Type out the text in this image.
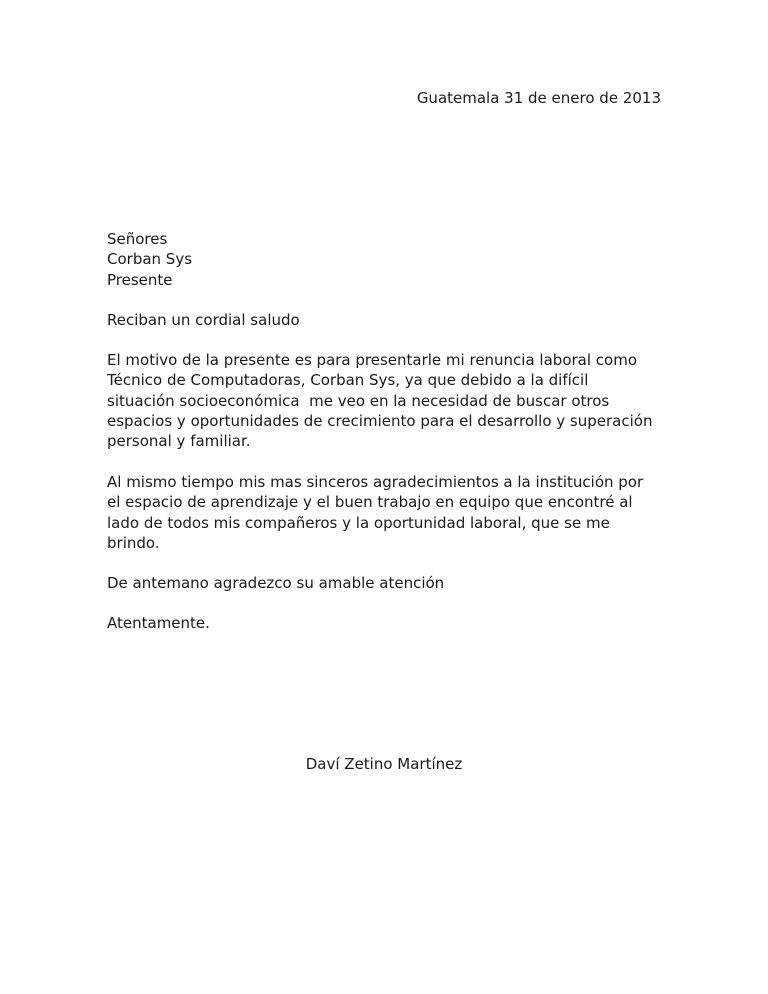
Guatemala 31 de enero de 2013
Señores
Corban Sys
Presente
Reciban un cordial saludo
El motivo de la presente es para presentarle mi renuncia laboral como
Técnico de Computadoras, Corban Sys, ya que debido a la difícil
situación socioeconómica  me veo en la necesidad de buscar otros
espacios y oportunidades de crecimiento para el desarrollo y superación
personal y familiar.
Al mismo tiempo mis mas sinceros agradecimientos a la institución por
el espacio de aprendizaje y el buen trabajo en equipo que encontré al
lado de todos mis compañeros y la oportunidad laboral, que se me
brindo.
De antemano agradezco su amable atención
Atentamente.
Daví Zetino Martínez
